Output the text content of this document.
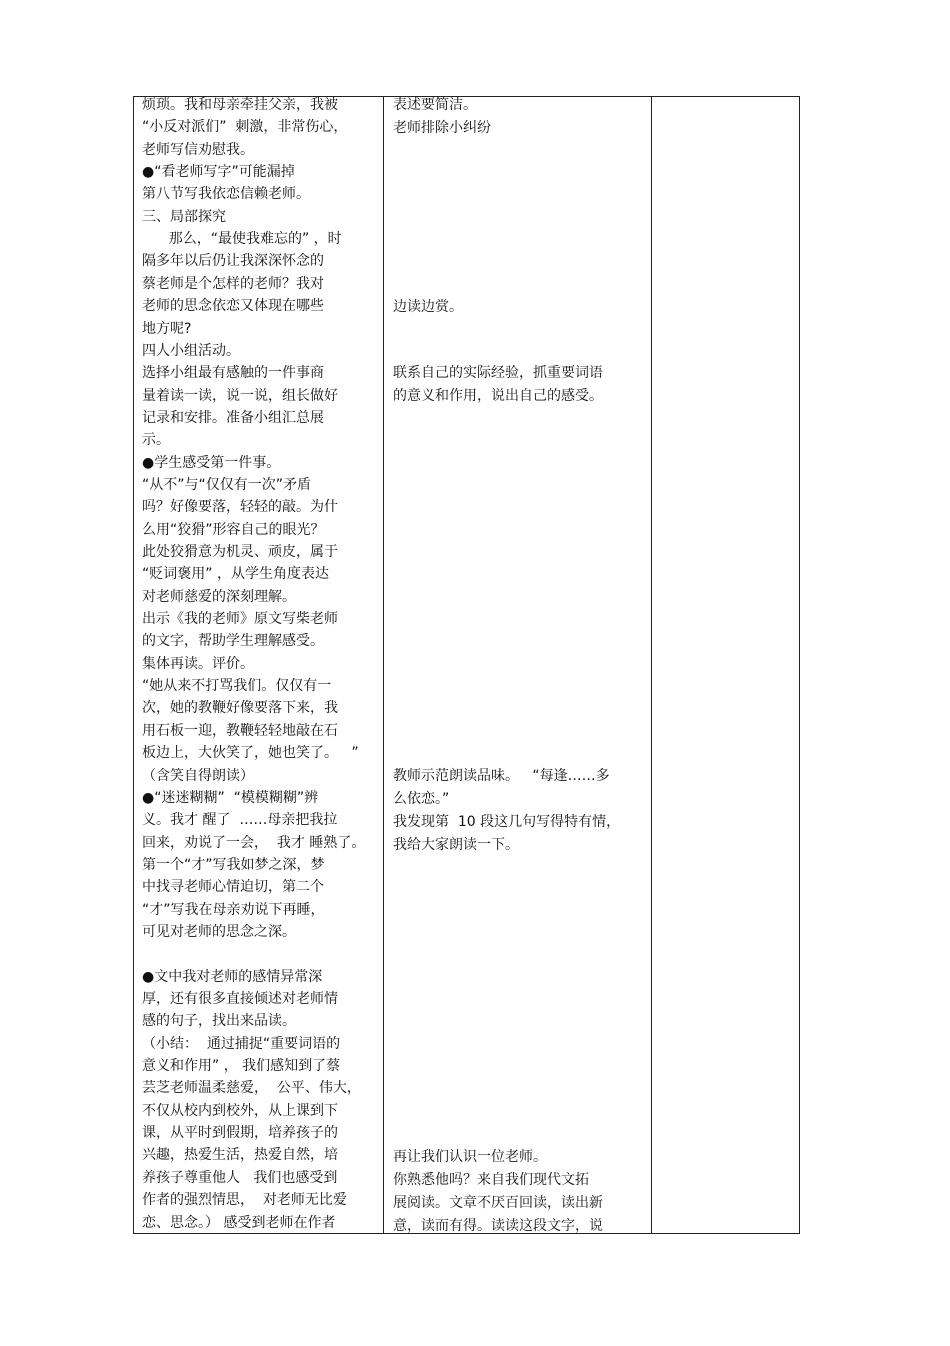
烦琐。我和母亲牵挂父亲，我被
“小反对派们”  刺激，非常伤心，
老师写信劝慰我。
●“看老师写字”可能漏掉
第八节写我依恋信赖老师。
三、局部探究
那么，“最使我难忘的” ，时
隔多年以后仍让我深深怀念的
蔡老师是个怎样的老师？我对
老师的思念依恋又体现在哪些
地方呢?
四人小组活动。
选择小组最有感触的一件事商
量着读一读，说一说，组长做好
记录和安排。准备小组汇总展
示。
●学生感受第一件事。
“从不”与“仅仅有一次”矛盾
吗？好像要落，轻轻的敲。为什
么用“狡猾”形容自己的眼光？
此处狡猾意为机灵、顽皮，属于
“贬词褒用” ，从学生角度表达
对老师慈爱的深刻理解。
出示《我的老师》原文写柴老师
的文字，帮助学生理解感受。
集体再读。评价。
“她从来不打骂我们。仅仅有一
次，她的教鞭好像要落下来，我
用石板一迎，教鞭轻轻地敲在石
板边上，大伙笑了，她也笑了。   ”
（含笑自得朗读）
●“迷迷糊糊”  “模模糊糊”辨
义。我才 醒了  ……母亲把我拉
回来，劝说了一会，  我才 睡熟了。
第一个“才”写我如梦之深，梦
中找寻老师心情迫切，第二个
“才”写我在母亲劝说下再睡，
可见对老师的思念之深。
●文中我对老师的感情异常深
厚，还有很多直接倾述对老师情
感的句子，找出来品读。
（小结：  通过捕捉“重要词语的
意义和作用” ， 我们感知到了蔡
芸芝老师温柔慈爱，  公平、伟大，
不仅从校内到校外，从上课到下
课，从平时到假期，培养孩子的
兴趣，热爱生活，热爱自然，培
养孩子尊重他人   我们也感受到
作者的强烈情思，  对老师无比爱
恋、思念。） 感受到老师在作者
表述要简洁。
老师排除小纠纷
边读边赏。
联系自己的实际经验，抓重要词语
的意义和作用，说出自己的感受。
教师示范朗读品味。   “每逢……多
么依恋。”
我发现第  10 段这几句写得特有情，
我给大家朗读一下。
再让我们认识一位老师。
你熟悉他吗？来自我们现代文拓
展阅读。文章不厌百回读，读出新
意，读而有得。读读这段文字，说
